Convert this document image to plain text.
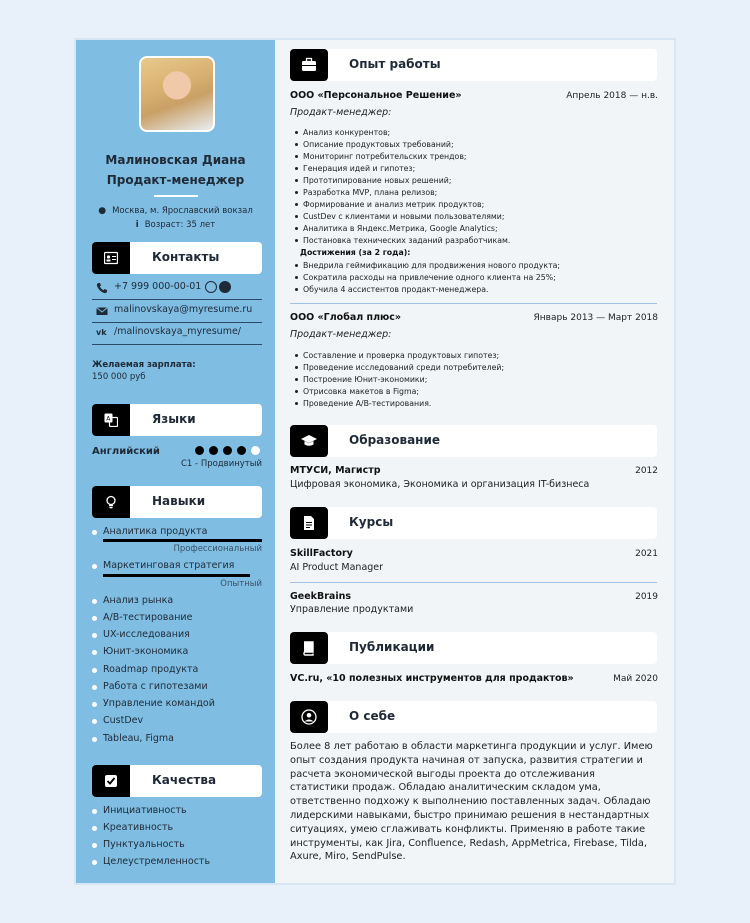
Малиновская Диана
Продакт-менеджер
● Москва, м. Ярославский вокзал
i Возраст: 35 лет
Контакты
+7 999 000-00-01
malinovskaya@myresume.ru
vk /malinovskaya_myresume/
Желаемая зарплата:
150 000 руб
A	Языки
Английский
C1 - Продвинутый
Навыки
Аналитика продукта
Профессиональный
Маркетинговая стратегия
Опытный
Анализ рынка
A/B-тестирование
UX-исследования
Юнит-экономика
Roadmap продукта
Работа с гипотезами
Управление командой
CustDev
Tableau, Figma
Качества
Инициативность
Креативность
Пунктуальность
Целеустремленность
Опыт работы
ООО «Персональное Решение»	Апрель 2018 — н.в.
Продакт-менеджер:
Анализ конкурентов;
Описание продуктовых требований;
Мониторинг потребительских трендов;
Генерация идей и гипотез;
Прототипирование новых решений;
Разработка MVP, плана релизов;
Формирование и анализ метрик продуктов;
CustDev с клиентами и новыми пользователями;
Аналитика в Яндекс.Метрика, Google Analytics;
Постановка технических заданий разработчикам.
Достижения (за 2 года):
Внедрила геймификацию для продвижения нового продукта;
Сократила расходы на привлечение одного клиента на 25%;
Обучила 4 ассистентов продакт-менеджера.
ООО «Глобал плюс»	Январь 2013 — Март 2018
Продакт-менеджер:
Составление и проверка продуктовых гипотез;
Проведение исследований среди потребителей;
Построение Юнит-экономики;
Отрисовка макетов в Figma;
Проведение A/B-тестирования.
Образование
МТУСИ, Магистр	2012
Цифровая экономика, Экономика и организация IT-бизнеса
Курсы
SkillFactory	2021
AI Product Manager
GeekBrains	2019
Управление продуктами
Публикации
VC.ru, «10 полезных инструментов для продактов»	Май 2020
О себе
Более 8 лет работаю в области маркетинга продукции и услуг. Имею опыт создания продукта начиная от запуска, развития стратегии и расчета экономической выгоды проекта до отслеживания статистики продаж. Обладаю аналитическим складом ума, ответственно подхожу к выполнению поставленных задач. Обладаю лидерскими навыками, быстро принимаю решения в нестандартных ситуациях, умею сглаживать конфликты. Применяю в работе такие инструменты, как Jira, Confluence, Redash, AppMetrica, Firebase, Tilda, Axure, Miro, SendPulse.
